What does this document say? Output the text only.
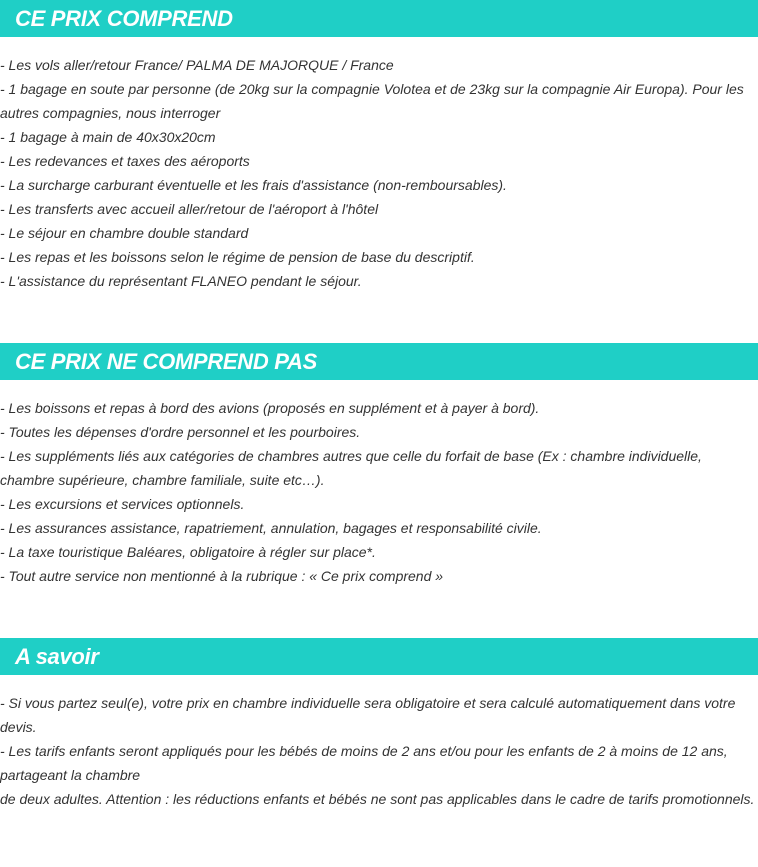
CE PRIX COMPREND
- Les vols aller/retour France/ PALMA DE MAJORQUE / France
- 1 bagage en soute par personne (de 20kg sur la compagnie Volotea et de 23kg sur la compagnie Air Europa). Pour les
autres compagnies, nous interroger
- 1 bagage à main de 40x30x20cm
- Les redevances et taxes des aéroports
- La surcharge carburant éventuelle et les frais d'assistance (non-remboursables).
- Les transferts avec accueil aller/retour de l'aéroport à l'hôtel
- Le séjour en chambre double standard
- Les repas et les boissons selon le régime de pension de base du descriptif.
- L'assistance du représentant FLANEO pendant le séjour.
CE PRIX NE COMPREND PAS
- Les boissons et repas à bord des avions (proposés en supplément et à payer à bord).
- Toutes les dépenses d'ordre personnel et les pourboires.
- Les suppléments liés aux catégories de chambres autres que celle du forfait de base (Ex : chambre individuelle,
chambre supérieure, chambre familiale, suite etc…).
- Les excursions et services optionnels.
- Les assurances assistance, rapatriement, annulation, bagages et responsabilité civile.
- La taxe touristique Baléares, obligatoire à régler sur place*.
- Tout autre service non mentionné à la rubrique : « Ce prix comprend »
A savoir
- Si vous partez seul(e), votre prix en chambre individuelle sera obligatoire et sera calculé automatiquement dans votre
devis.
- Les tarifs enfants seront appliqués pour les bébés de moins de 2 ans et/ou pour les enfants de 2 à moins de 12 ans,
partageant la chambre
de deux adultes. Attention : les réductions enfants et bébés ne sont pas applicables dans le cadre de tarifs promotionnels.
